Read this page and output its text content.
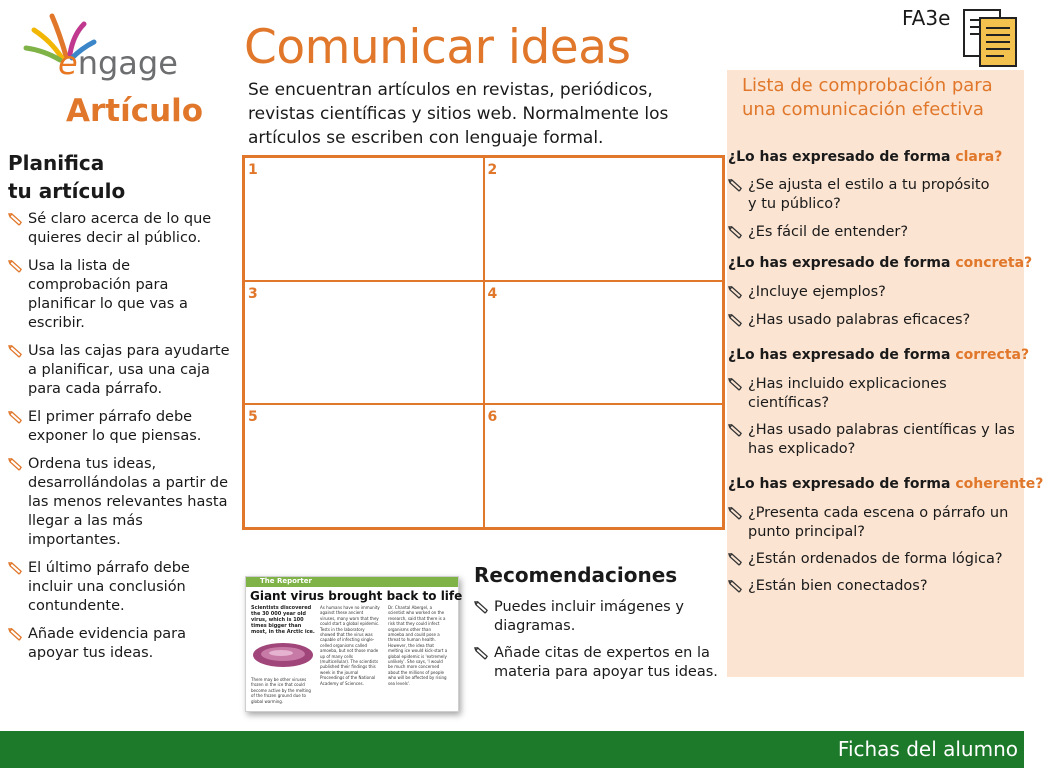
engage Comunicar ideas
Artículo
Se encuentran artículos en revistas, periódicos, revistas científicas y sitios web. Normalmente los artículos se escriben con lenguaje formal.
FA3e
Planifica
tu artículo
Sé claro acerca de lo que quieres decir al público.
Usa la lista de comprobación para planificar lo que vas a escribir.
Usa las cajas para ayudarte a planificar, usa una caja para cada párrafo.
El primer párrafo debe exponer lo que piensas.
Ordena tus ideas, desarrollándolas a partir de las menos relevantes hasta llegar a las más importantes.
El último párrafo debe incluir una conclusión contundente.
Añade evidencia para apoyar tus ideas.
1	2
3	4
5	6
The Reporter
Giant virus brought back to life
Scientists discovered the 30 000 year old virus, which is 100 times bigger than most, in the Arctic ice.
There may be other viruses frozen in the ice that could become active by the melting of the frozen ground due to global warming.
As humans have no immunity against these ancient viruses, many warn that they could start a global epidemic. Tests in the laboratory showed that the virus was capable of infecting single-celled organisms called amoeba, but not those made up of many cells (multicellular). The scientists published their findings this week in the journal Proceedings of the National Academy of Sciences.
Dr. Chantal Abergel, a scientist who worked on the research, said that there is a risk that they could infect organisms other than amoeba and could pose a threat to human health. However, the idea that melting ice would kick-start a global epidemic is 'extremely unlikely'. She says, 'I would be much more concerned about the millions of people who will be affected by rising sea levels'.
Recomendaciones
Puedes incluir imágenes y diagramas.
Añade citas de expertos en la materia para apoyar tus ideas.
Lista de comprobación para una comunicación efectiva
¿Lo has expresado de forma clara?
¿Se ajusta el estilo a tu propósito
y tu público?
¿Es fácil de entender?
¿Lo has expresado de forma concreta?
¿Incluye ejemplos?
¿Has usado palabras eficaces?
¿Lo has expresado de forma correcta?
¿Has incluido explicaciones
científicas?
¿Has usado palabras científicas y las
has explicado?
¿Lo has expresado de forma coherente?
¿Presenta cada escena o párrafo un
punto principal?
¿Están ordenados de forma lógica?
¿Están bien conectados?
Fichas del alumno
